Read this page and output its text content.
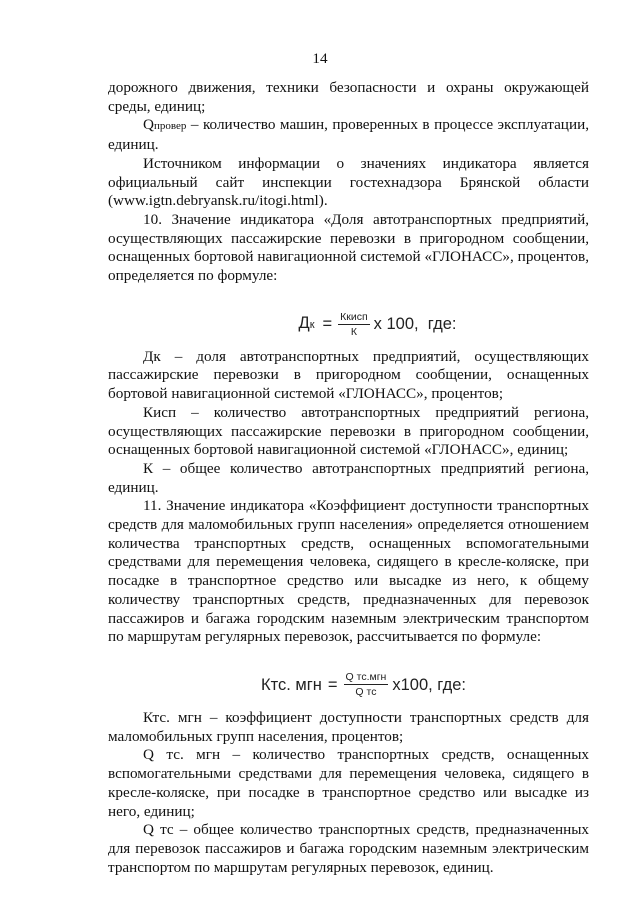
14

дорожного движения, техники безопасности и охраны окружающей среды, единиц;

Qпровер – количество машин, проверенных в процессе эксплуатации, единиц.

Источником информации о значениях индикатора является официальный сайт инспекции гостехнадзора Брянской области (www.igtn.debryansk.ru/itogi.html).

10. Значение индикатора «Доля автотранспортных предприятий, осуществляющих пассажирские перевозки в пригородном сообщении, оснащенных бортовой навигационной системой «ГЛОНАСС», процентов, определяется по формуле:

Дк = $\frac{\text{Ккисп}}{К}$ x 100,  где:

Дк – доля автотранспортных предприятий, осуществляющих пассажирские перевозки в пригородном сообщении, оснащенных бортовой навигационной системой «ГЛОНАСС», процентов;

Кисп – количество автотранспортных предприятий региона, осуществляющих пассажирские перевозки в пригородном сообщении, оснащенных бортовой навигационной системой «ГЛОНАСС», единиц;

К – общее количество автотранспортных предприятий региона, единиц.

11. Значение индикатора «Коэффициент доступности транспортных средств для маломобильных групп населения» определяется отношением количества транспортных средств, оснащенных вспомогательными средствами для перемещения человека, сидящего в кресле-коляске, при посадке в транспортное средство или высадке из него, к общему количеству транспортных средств, предназначенных для перевозок пассажиров и багажа городским наземным электрическим транспортом по маршрутам регулярных перевозок, рассчитывается по формуле:

Ктс. мгн = $\frac{\text{Q тс.мгн}}{\text{Q тс}} x100$, где:

Ктс. мгн – коэффициент доступности транспортных средств для маломобильных групп населения, процентов;

Q тс. мгн – количество транспортных средств, оснащенных вспомогательными средствами для перемещения человека, сидящего в кресле-коляске, при посадке в транспортное средство или высадке из него, единиц;

Q тс – общее количество транспортных средств, предназначенных для перевозок пассажиров и багажа городским наземным электрическим транспортом по маршрутам регулярных перевозок, единиц.
